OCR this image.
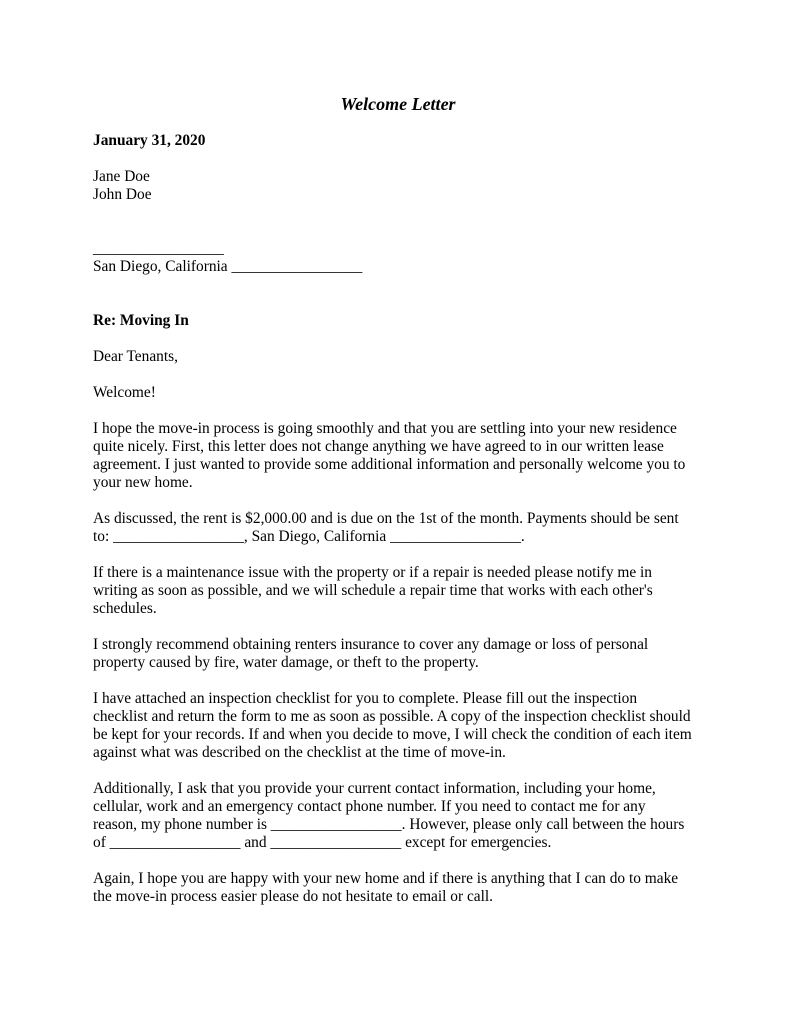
Welcome Letter
January 31, 2020
Jane Doe
John Doe
_________________
San Diego, California _________________
Re: Moving In

Dear Tenants,

Welcome!

I hope the move-in process is going smoothly and that you are settling into your new residence
quite nicely. First, this letter does not change anything we have agreed to in our written lease
agreement. I just wanted to provide some additional information and personally welcome you to
your new home.

As discussed, the rent is $2,000.00 and is due on the 1st of the month. Payments should be sent
to: _________________, San Diego, California _________________.

If there is a maintenance issue with the property or if a repair is needed please notify me in
writing as soon as possible, and we will schedule a repair time that works with each other's
schedules.

I strongly recommend obtaining renters insurance to cover any damage or loss of personal
property caused by fire, water damage, or theft to the property.

I have attached an inspection checklist for you to complete. Please fill out the inspection
checklist and return the form to me as soon as possible. A copy of the inspection checklist should
be kept for your records. If and when you decide to move, I will check the condition of each item
against what was described on the checklist at the time of move-in.

Additionally, I ask that you provide your current contact information, including your home,
cellular, work and an emergency contact phone number. If you need to contact me for any
reason, my phone number is _________________. However, please only call between the hours
of _________________ and _________________ except for emergencies.

Again, I hope you are happy with your new home and if there is anything that I can do to make
the move-in process easier please do not hesitate to email or call.
